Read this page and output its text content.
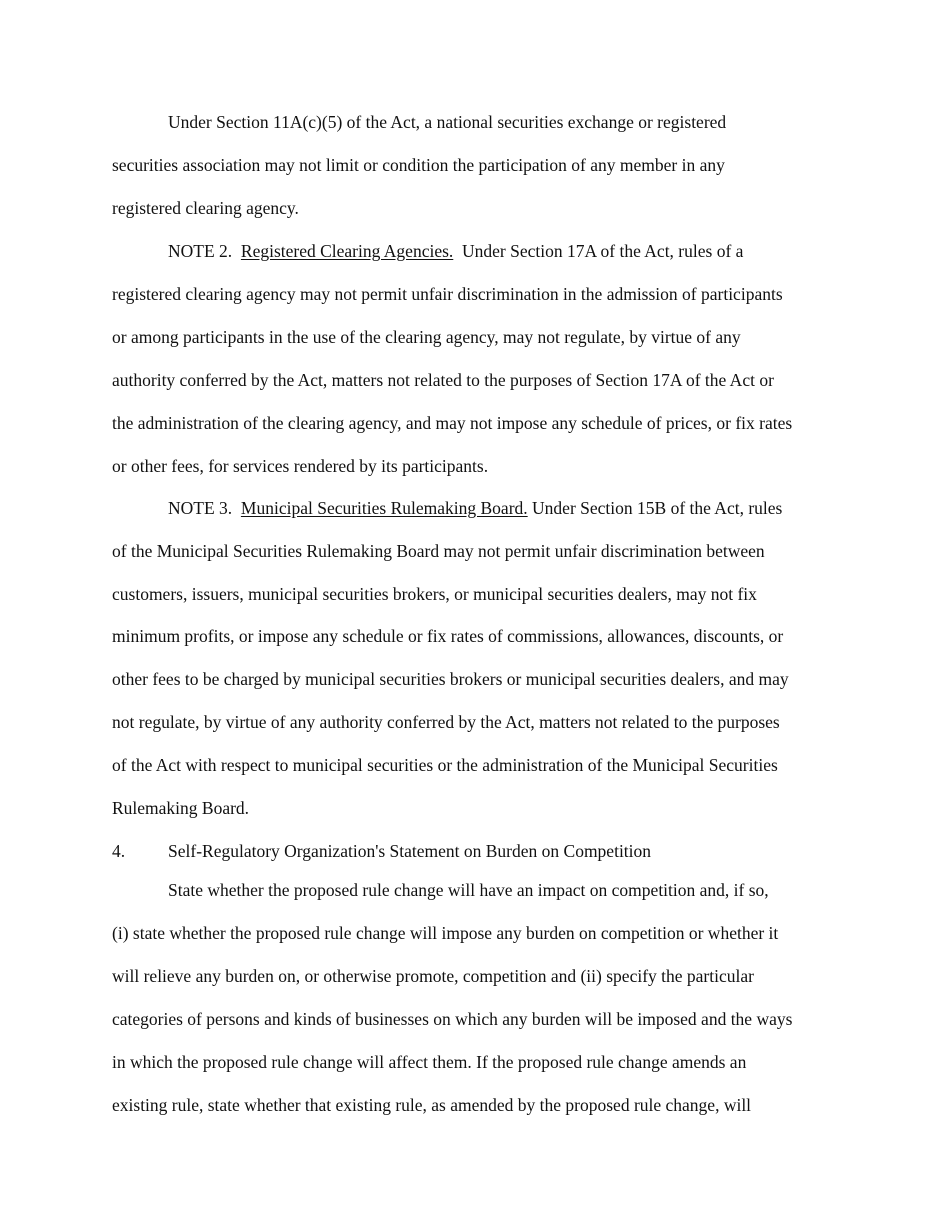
Under Section 11A(c)(5) of the Act, a national securities exchange or registered
securities association may not limit or condition the participation of any member in any
registered clearing agency.
NOTE 2.  Registered Clearing Agencies.  Under Section 17A of the Act, rules of a
registered clearing agency may not permit unfair discrimination in the admission of participants
or among participants in the use of the clearing agency, may not regulate, by virtue of any
authority conferred by the Act, matters not related to the purposes of Section 17A of the Act or
the administration of the clearing agency, and may not impose any schedule of prices, or fix rates
or other fees, for services rendered by its participants.
NOTE 3.  Municipal Securities Rulemaking Board. Under Section 15B of the Act, rules
of the Municipal Securities Rulemaking Board may not permit unfair discrimination between
customers, issuers, municipal securities brokers, or municipal securities dealers, may not fix
minimum profits, or impose any schedule or fix rates of commissions, allowances, discounts, or
other fees to be charged by municipal securities brokers or municipal securities dealers, and may
not regulate, by virtue of any authority conferred by the Act, matters not related to the purposes
of the Act with respect to municipal securities or the administration of the Municipal Securities
Rulemaking Board.
4. Self-Regulatory Organization's Statement on Burden on Competition
State whether the proposed rule change will have an impact on competition and, if so,
(i) state whether the proposed rule change will impose any burden on competition or whether it
will relieve any burden on, or otherwise promote, competition and (ii) specify the particular
categories of persons and kinds of businesses on which any burden will be imposed and the ways
in which the proposed rule change will affect them. If the proposed rule change amends an
existing rule, state whether that existing rule, as amended by the proposed rule change, will
